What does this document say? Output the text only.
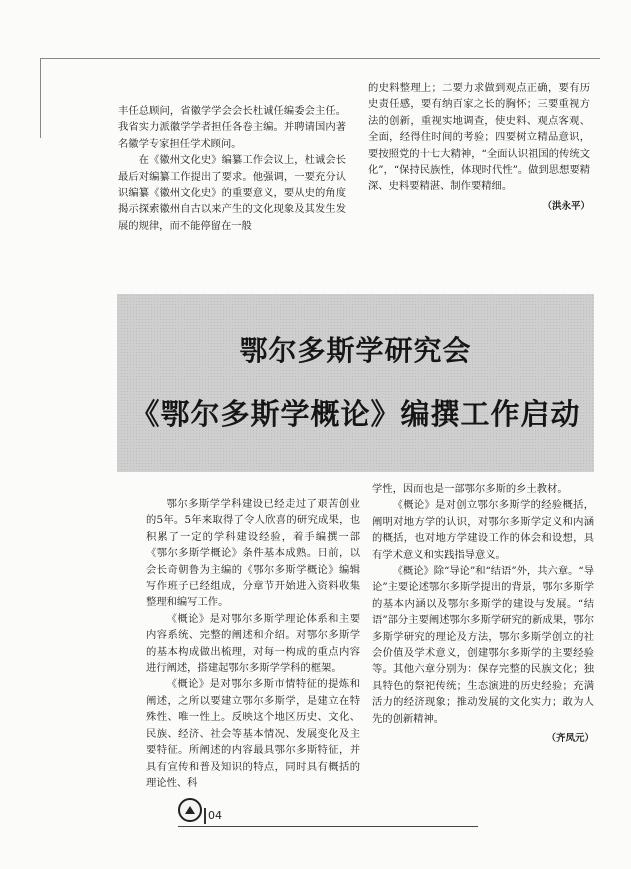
丰任总顾问，省徽学学会会长杜诚任编委会主任。我省实力派徽学学者担任各卷主编。并聘请国内著名徽学专家担任学术顾问。

在《徽州文化史》编纂工作会议上，杜诚会长最后对编纂工作提出了要求。他强调，一要充分认识编纂《徽州文化史》的重要意义，要从史的角度揭示探索徽州自古以来产生的文化现象及其发生发展的规律，而不能停留在一般

的史料整理上；二要力求做到观点正确，要有历史责任感，要有纳百家之长的胸怀；三要重视方法的创新，重视实地调查，使史料、观点客观、全面，经得住时间的考验；四要树立精品意识，要按照党的十七大精神，“全面认识祖国的传统文化”，“保持民族性，体现时代性”。做到思想要精深、史料要精湛、制作要精细。

（洪永平）
鄂尔多斯学研究会
《鄂尔多斯学概论》编撰工作启动

鄂尔多斯学学科建设已经走过了艰苦创业的5年。5年来取得了令人欣喜的研究成果，也积累了一定的学科建设经验，着手编撰一部《鄂尔多斯学概论》条件基本成熟。日前，以会长奇朝鲁为主编的《鄂尔多斯学概论》编辑写作班子已经组成，分章节开始进入资料收集整理和编写工作。

《概论》是对鄂尔多斯学理论体系和主要内容系统、完整的阐述和介绍。对鄂尔多斯学的基本构成做出梳理，对每一构成的重点内容进行阐述，搭建起鄂尔多斯学学科的框架。

《概论》是对鄂尔多斯市情特征的提炼和阐述，之所以要建立鄂尔多斯学，是建立在特殊性、唯一性上。反映这个地区历史、文化、民族、经济、社会等基本情况、发展变化及主要特征。所阐述的内容最具鄂尔多斯特征，并具有宣传和普及知识的特点，同时具有概括的理论性、科

学性，因而也是一部鄂尔多斯的乡土教材。

《概论》是对创立鄂尔多斯学的经验概括，阐明对地方学的认识，对鄂尔多斯学定义和内涵的概括，也对地方学建设工作的体会和设想，具有学术意义和实践指导意义。

《概论》除“导论”和“结语”外，共六章。“导论”主要论述鄂尔多斯学提出的背景，鄂尔多斯学的基本内涵以及鄂尔多斯学的建设与发展。“结语”部分主要阐述鄂尔多斯学研究的新成果，鄂尔多斯学研究的理论及方法，鄂尔多斯学创立的社会价值及学术意义，创建鄂尔多斯学的主要经验等。其他六章分别为：保存完整的民族文化；独具特色的祭祀传统；生态演进的历史经验；充满活力的经济现象；推动发展的文化实力；敢为人先的创新精神。

（齐凤元）
04
